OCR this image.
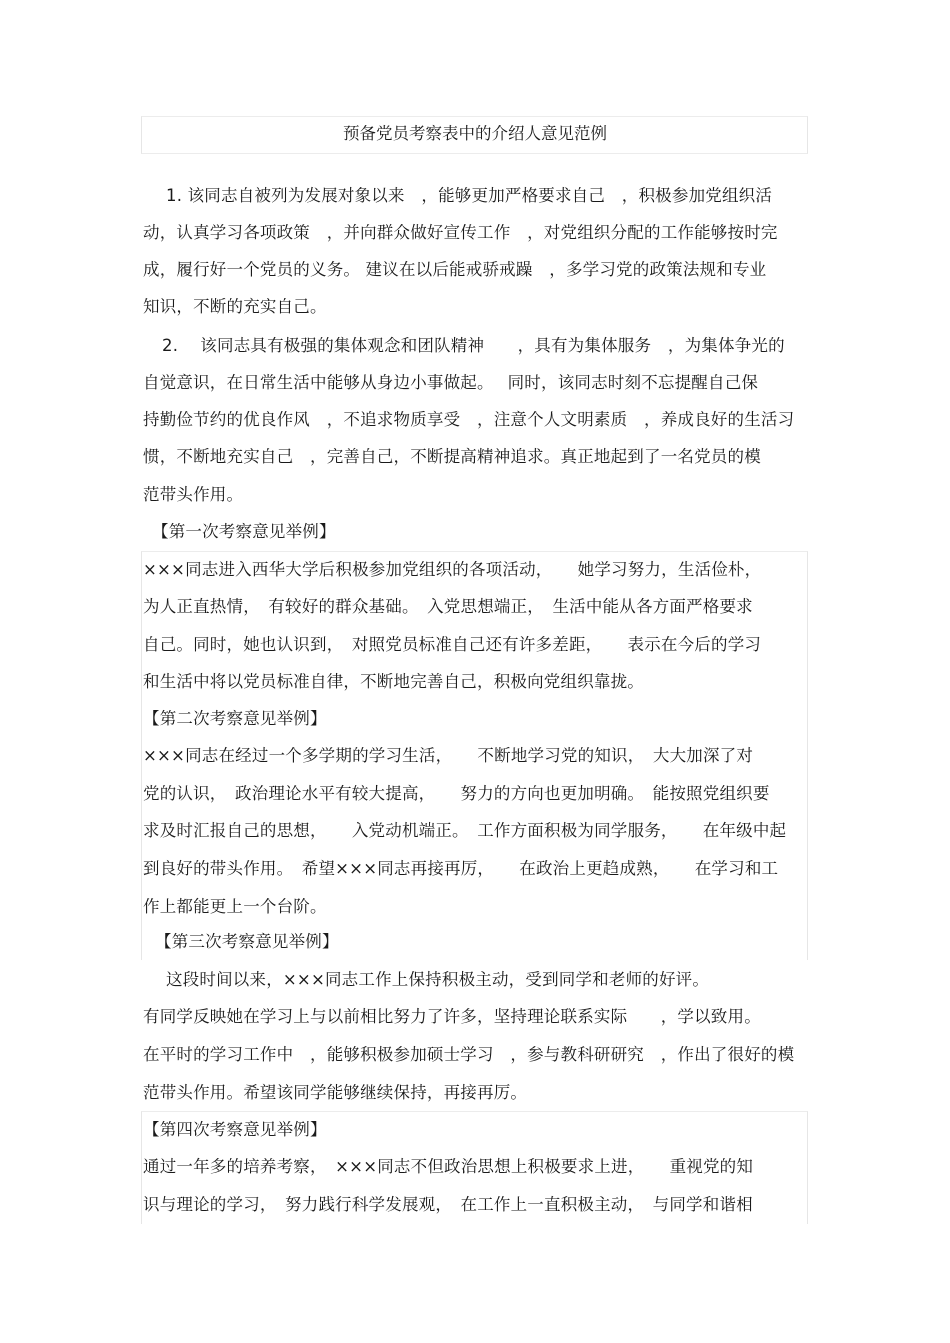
预备党员考察表中的介绍人意见范例
1. 该同志自被列为发展对象以来　，能够更加严格要求自己　，积极参加党组织活
动，认真学习各项政策　，并向群众做好宣传工作　，对党组织分配的工作能够按时完
成，履行好一个党员的义务。 建议在以后能戒骄戒躁　，多学习党的政策法规和专业
知识，不断的充实自己。
2.　 该同志具有极强的集体观念和团队精神　　，具有为集体服务　，为集体争光的
自觉意识，在日常生活中能够从身边小事做起。　 同时，该同志时刻不忘提醒自己保
持勤俭节约的优良作风　，不追求物质享受　，注意个人文明素质　，养成良好的生活习
惯，不断地充实自己　，完善自己，不断提高精神追求。真正地起到了一名党员的模
范带头作用。
【第一次考察意见举例】
×××同志进入西华大学后积极参加党组织的各项活动，　　她学习努力，生活俭朴，
为人正直热情，　有较好的群众基础。　入党思想端正，　生活中能从各方面严格要求
自己。同时，她也认识到，　对照党员标准自己还有许多差距，　　表示在今后的学习
和生活中将以党员标准自律，不断地完善自己，积极向党组织靠拢。
【第二次考察意见举例】
×××同志在经过一个多学期的学习生活，　　不断地学习党的知识，　大大加深了对
党的认识，　政治理论水平有较大提高，　　努力的方向也更加明确。　能按照党组织要
求及时汇报自己的思想，　　入党动机端正。　工作方面积极为同学服务，　　在年级中起
到良好的带头作用。　希望×××同志再接再厉，　　在政治上更趋成熟，　　在学习和工
作上都能更上一个台阶。
【第三次考察意见举例】
这段时间以来，×××同志工作上保持积极主动，受到同学和老师的好评。
有同学反映她在学习上与以前相比努力了许多，坚持理论联系实际　　，学以致用。
在平时的学习工作中　，能够积极参加硕士学习　，参与教科研研究　，作出了很好的模
范带头作用。希望该同学能够继续保持，再接再厉。
【第四次考察意见举例】
通过一年多的培养考察，　×××同志不但政治思想上积极要求上进，　　重视党的知
识与理论的学习，　努力践行科学发展观，　在工作上一直积极主动，　与同学和谐相
